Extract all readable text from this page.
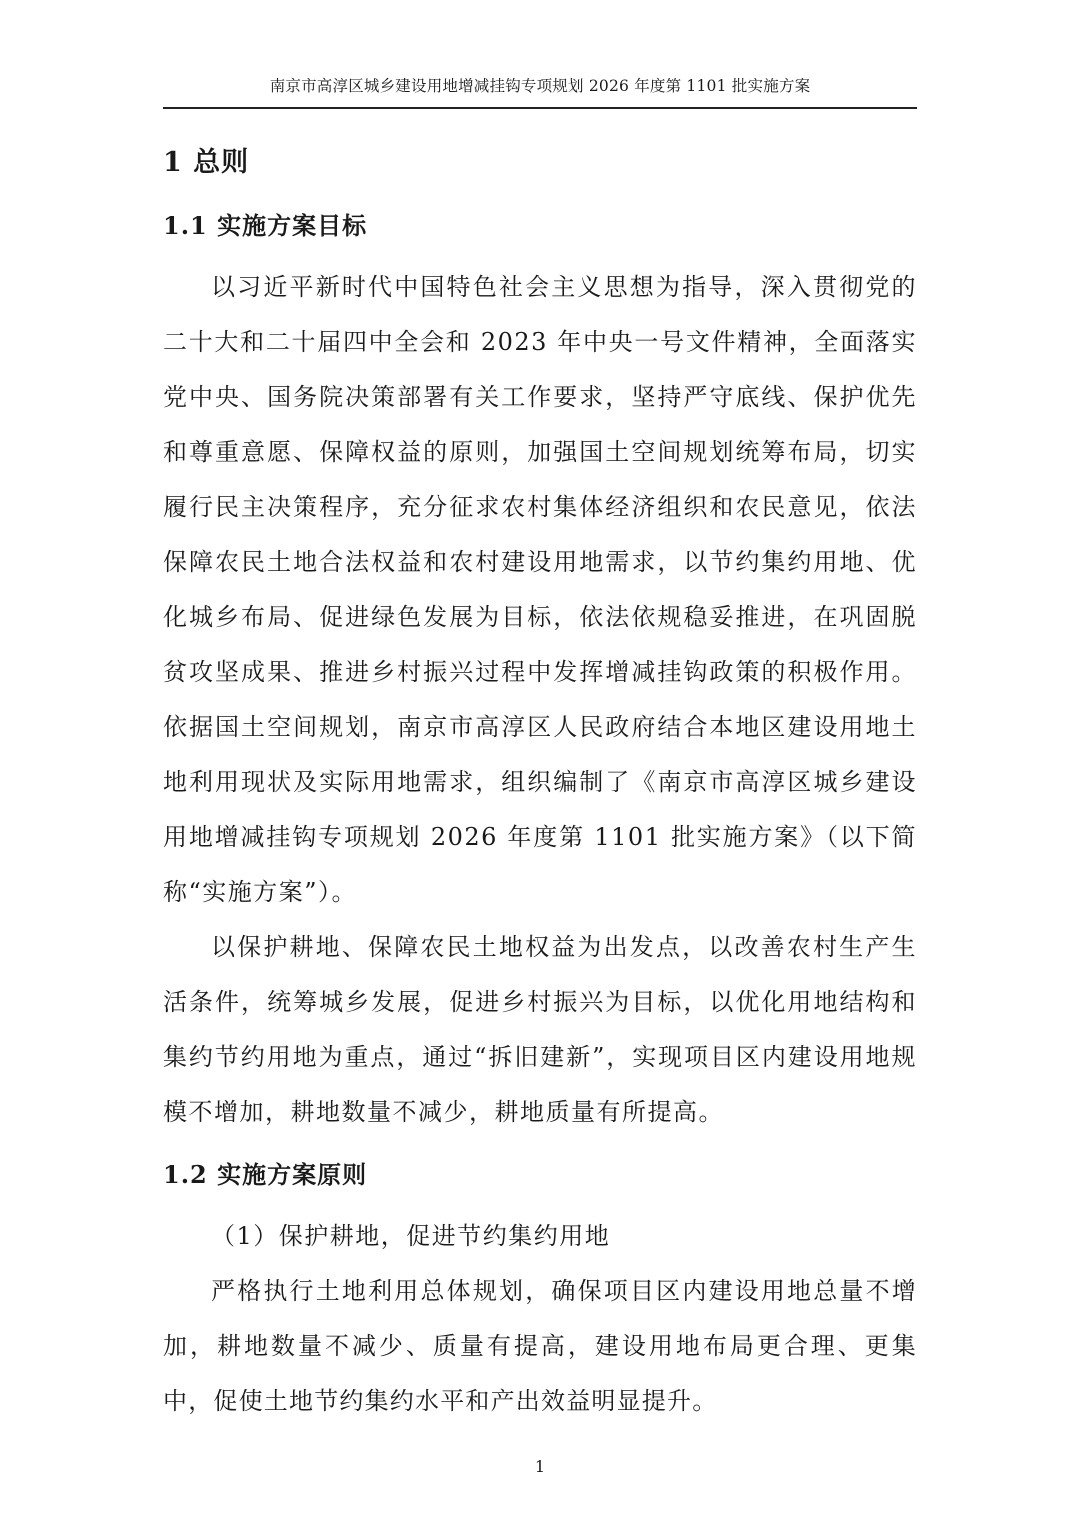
南京市高淳区城乡建设用地增减挂钩专项规划 2026 年度第 1101 批实施方案
1 总则
1.1 实施方案目标

以习近平新时代中国特色社会主义思想为指导，深入贯彻党的二十大和二十届四中全会和 2023 年中央一号文件精神，全面落实党中央、国务院决策部署有关工作要求，坚持严守底线、保护优先和尊重意愿、保障权益的原则，加强国土空间规划统筹布局，切实履行民主决策程序，充分征求农村集体经济组织和农民意见，依法保障农民土地合法权益和农村建设用地需求，以节约集约用地、优化城乡布局、促进绿色发展为目标，依法依规稳妥推进，在巩固脱贫攻坚成果、推进乡村振兴过程中发挥增减挂钩政策的积极作用。依据国土空间规划，南京市高淳区人民政府结合本地区建设用地土地利用现状及实际用地需求，组织编制了《南京市高淳区城乡建设用地增减挂钩专项规划 2026 年度第 1101 批实施方案》（以下简称“实施方案”）。

以保护耕地、保障农民土地权益为出发点，以改善农村生产生活条件，统筹城乡发展，促进乡村振兴为目标，以优化用地结构和集约节约用地为重点，通过“拆旧建新”，实现项目区内建设用地规模不增加，耕地数量不减少，耕地质量有所提高。

1.2 实施方案原则

（1）保护耕地，促进节约集约用地

严格执行土地利用总体规划，确保项目区内建设用地总量不增加，耕地数量不减少、质量有提高，建设用地布局更合理、更集中，促使土地节约集约水平和产出效益明显提升。

1
